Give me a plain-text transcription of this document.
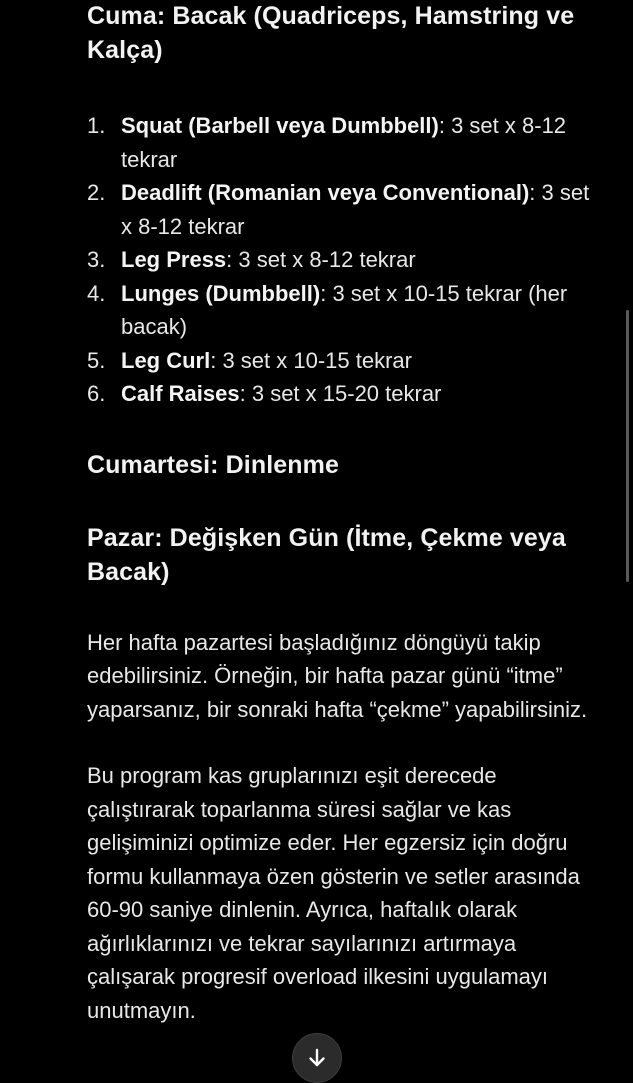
Cuma: Bacak (Quadriceps, Hamstring ve Kalça)
1. Squat (Barbell veya Dumbbell): 3 set x 8-12 tekrar
2. Deadlift (Romanian veya Conventional): 3 set x 8-12 tekrar
3. Leg Press: 3 set x 8-12 tekrar
4. Lunges (Dumbbell): 3 set x 10-15 tekrar (her bacak)
5. Leg Curl: 3 set x 10-15 tekrar
6. Calf Raises: 3 set x 15-20 tekrar
Cumartesi: Dinlenme
Pazar: Değişken Gün (İtme, Çekme veya Bacak)

Her hafta pazartesi başladığınız döngüyü takip edebilirsiniz. Örneğin, bir hafta pazar günü “itme” yaparsanız, bir sonraki hafta “çekme” yapabilirsiniz.

Bu program kas gruplarınızı eşit derecede çalıştırarak toparlanma süresi sağlar ve kas gelişiminizi optimize eder. Her egzersiz için doğru formu kullanmaya özen gösterin ve setler arasında 60-90 saniye dinlenin. Ayrıca, haftalık olarak ağırlıklarınızı ve tekrar sayılarınızı artırmaya çalışarak progresif overload ilkesini uygulamayı unutmayın.
